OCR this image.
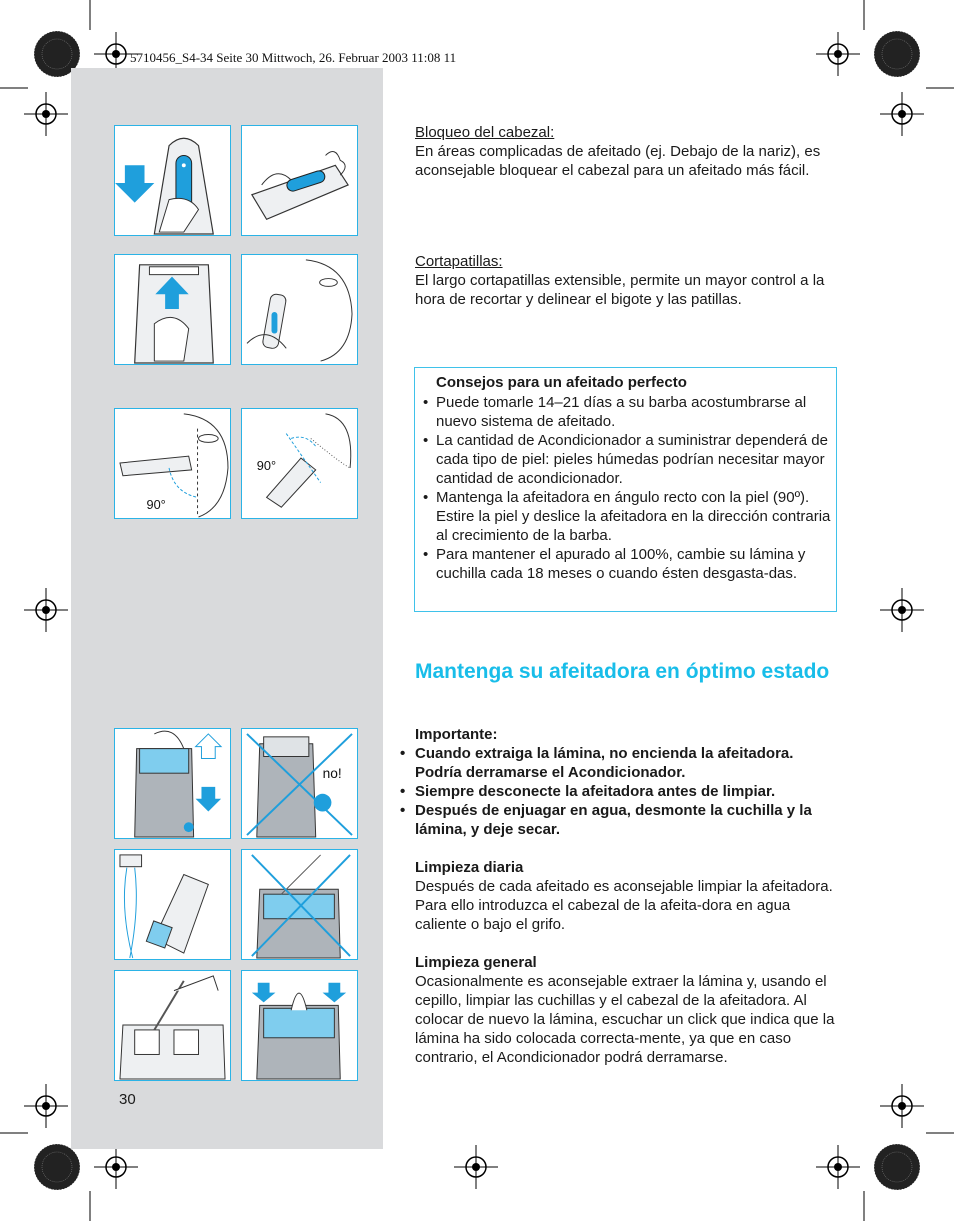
5710456_S4-34 Seite 30 Mittwoch, 26. Februar 2003 11:08 11
90°
90°
no!
Bloqueo del cabezal:
En áreas complicadas de afeitado (ej. Debajo de la nariz), es aconsejable bloquear el cabezal para un afeitado más fácil.
Cortapatillas:
El largo cortapatillas extensible, permite un mayor control a la hora de recortar y delinear el bigote y las patillas.
Consejos para un afeitado perfecto
• Puede tomarle 14–21 días a su barba acostumbrarse al nuevo sistema de afeitado.
• La cantidad de Acondicionador a suministrar dependerá de cada tipo de piel: pieles húmedas podrían necesitar mayor cantidad de acondicionador.
• Mantenga la afeitadora en ángulo recto con la piel (90º). Estire la piel y deslice la afeitadora en la dirección contraria al crecimiento de la barba.
• Para mantener el apurado al 100%, cambie su lámina y cuchilla cada 18 meses o cuando ésten desgasta-das.
Mantenga su afeitadora en óptimo estado
Importante:
• Cuando extraiga la lámina, no encienda la afeitadora. Podría derramarse el Acondicionador.
• Siempre desconecte la afeitadora antes de limpiar.
• Después de enjuagar en agua, desmonte la cuchilla y la lámina, y deje secar.
Limpieza diaria
Después de cada afeitado es aconsejable limpiar la afeitadora. Para ello introduzca el cabezal de la afeita-dora en agua caliente o bajo el grifo.
Limpieza general
Ocasionalmente es aconsejable extraer la lámina y, usando el cepillo, limpiar las cuchillas y el cabezal de la afeitadora. Al colocar de nuevo la lámina, escuchar un click que indica que la lámina ha sido colocada correcta-mente, ya que en caso contrario, el Acondicionador podrá derramarse.
30
